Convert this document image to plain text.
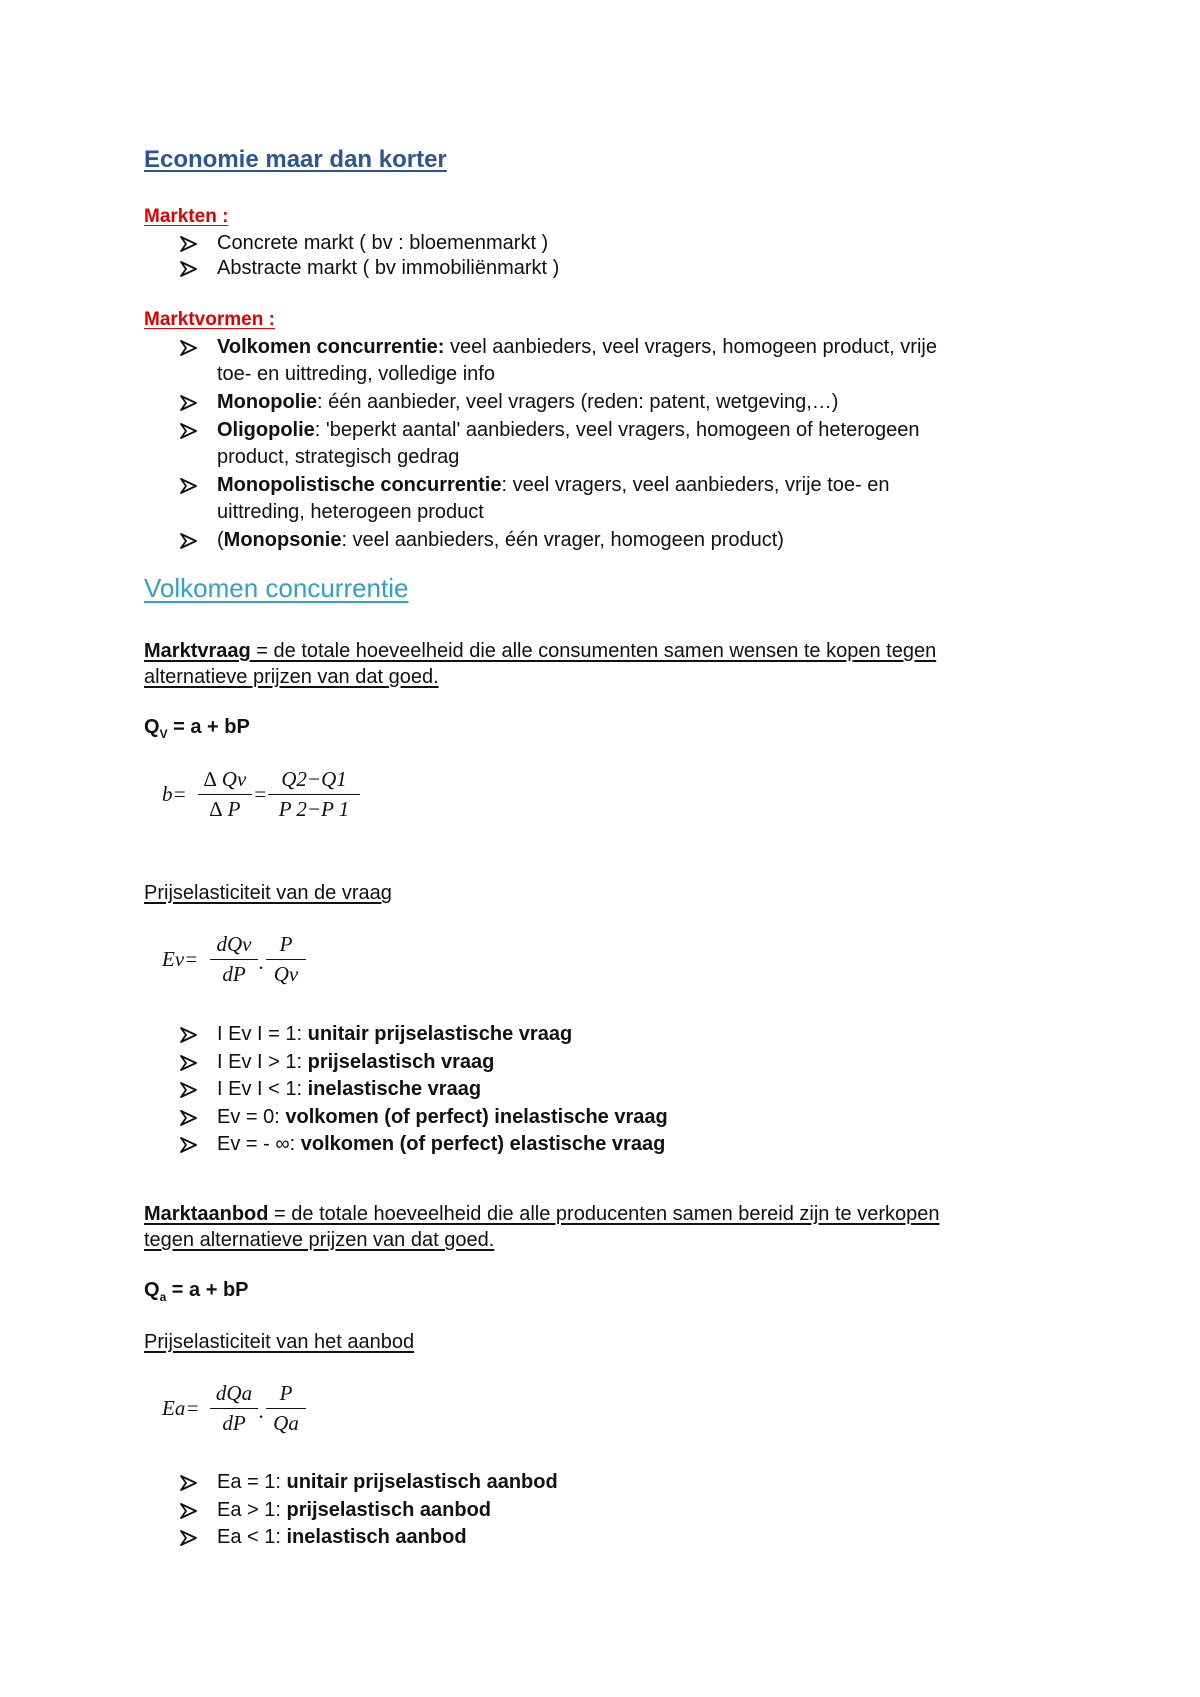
Economie maar dan korter
Markten :
Concrete markt ( bv : bloemenmarkt )
Abstracte markt ( bv immobiliënmarkt )
Marktvormen :
Volkomen concurrentie: veel aanbieders, veel vragers, homogeen product, vrije
toe- en uittreding, volledige info
Monopolie: één aanbieder, veel vragers (reden: patent, wetgeving,…)
Oligopolie: 'beperkt aantal' aanbieders, veel vragers, homogeen of heterogeen
product, strategisch gedrag
Monopolistische concurrentie: veel vragers, veel aanbieders, vrije toe- en
uittreding, heterogeen product
(Monopsonie: veel aanbieders, één vrager, homogeen product)
Volkomen concurrentie
Marktvraag = de totale hoeveelheid die alle consumenten samen wensen te kopen tegen
alternatieve prijzen van dat goed.
$Q_V = a$ + bP
$b= \frac{\Delta Qv}{\Delta P} = \frac{Q2-Q1}{P 2-P 1}$
Prijselasticiteit van de vraag
Ev=
dQv
dP . $\frac{P}{Qv}$
I Ev I = 1: unitair prijselastische vraag
I Ev I > 1: prijselastisch vraag
I Ev I < 1: inelastische vraag
Ev = 0: volkomen (of perfect) inelastische vraag
Ev = - ∞: volkomen (of perfect) elastische vraag
Marktaanbod = de totale hoeveelheid die alle producenten samen bereid zijn te verkopen
tegen alternatieve prijzen van dat goed.
$Q_a = a$ + bP
Prijselasticiteit van het aanbod
Ea=
dQa
dP . $\frac{P}{Qa}$
Ea = 1: unitair prijselastisch aanbod
Ea > 1: prijselastisch aanbod
Ea < 1: inelastisch aanbod
